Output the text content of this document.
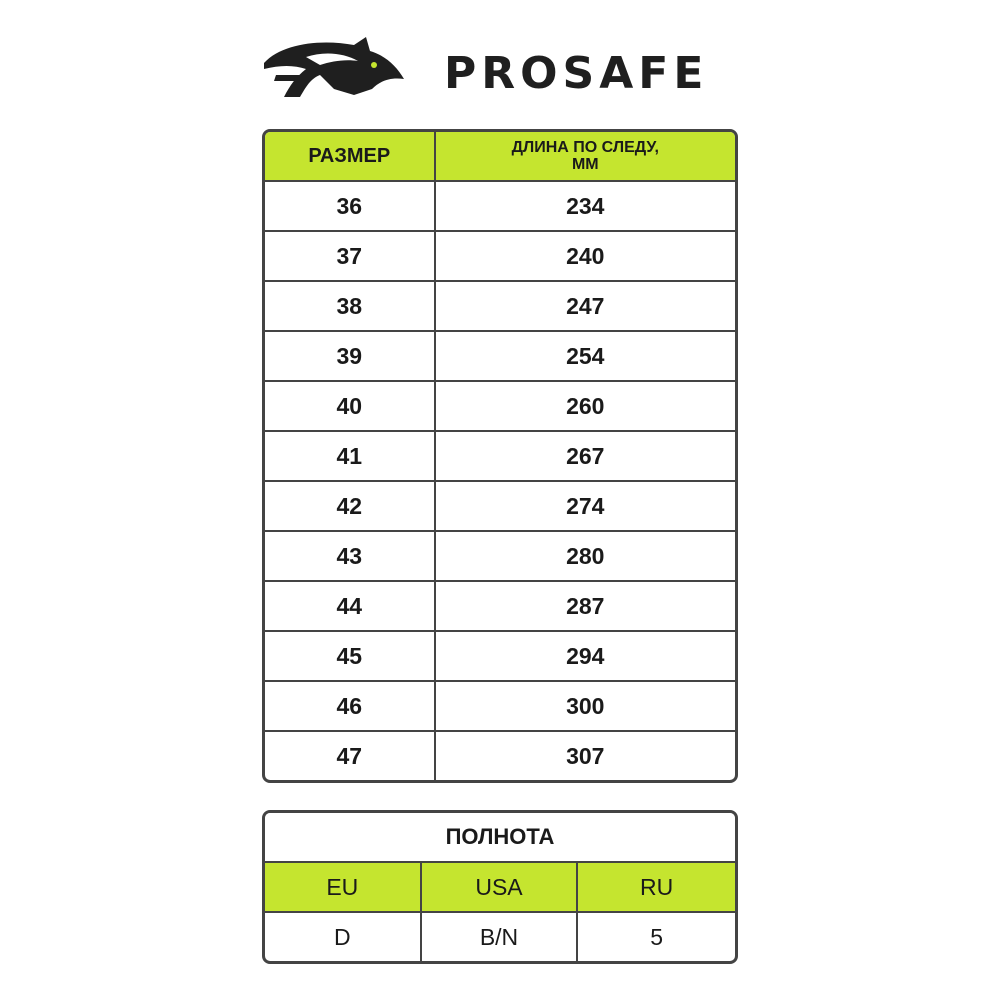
PROSAFE
РАЗМЕР	ДЛИНА ПО СЛЕДУ,
ММ

36	234
37	240
38	247
39	254
40	260
41	267
42	274
43	280
44	287
45	294
46	300
47	307
ПОЛНОТА		
EU	USA	RU
D	B/N	5
